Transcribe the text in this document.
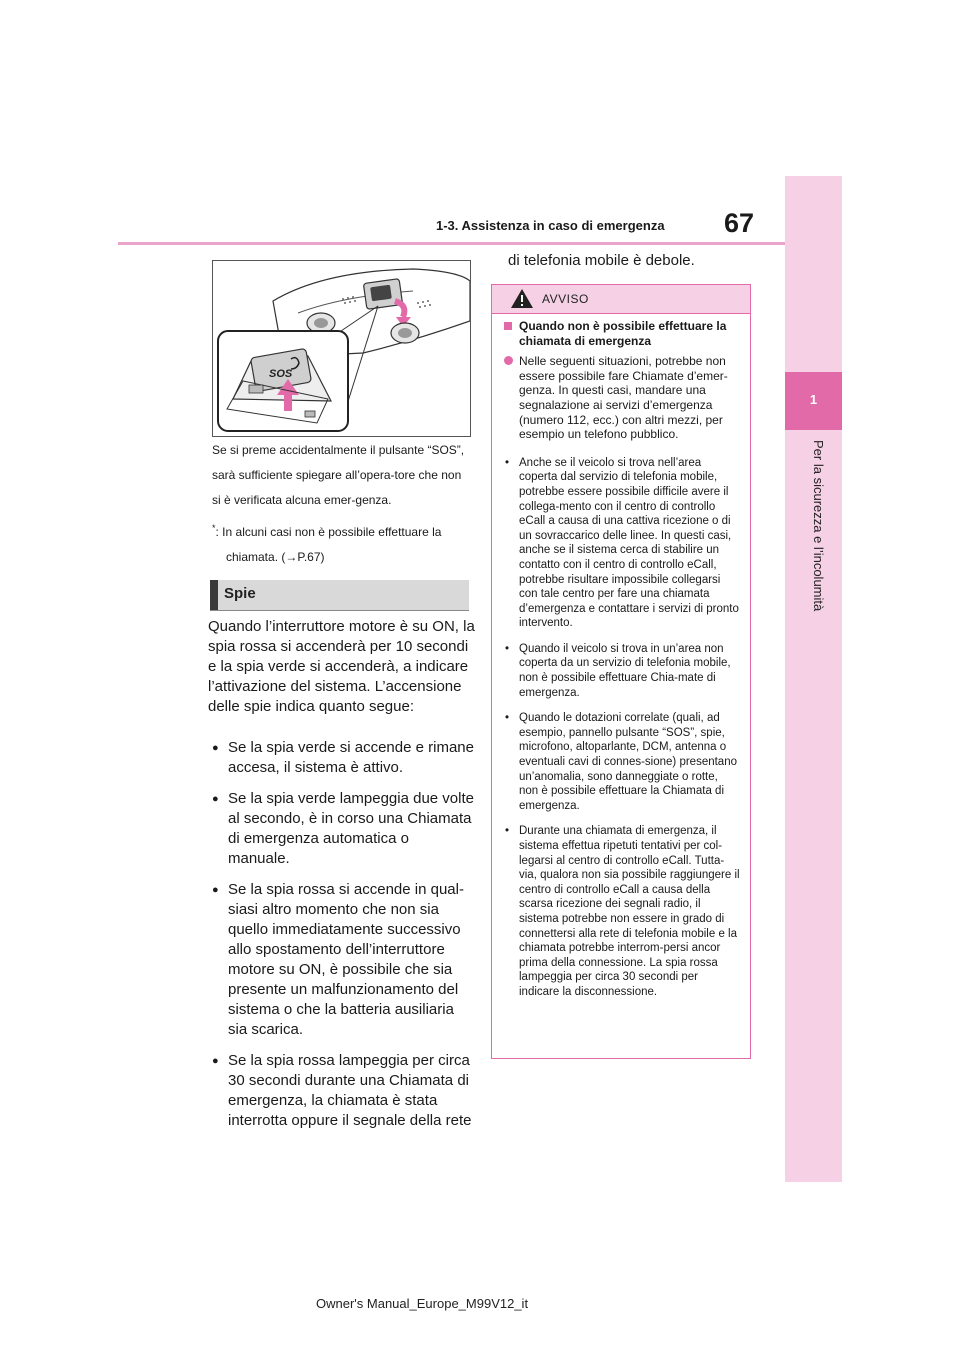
67
1-3. Assistenza in caso di emergenza
1
Per la sicurezza e l’incolumità
SOS
Se si preme accidentalmente il pulsante “SOS”, sarà sufficiente spiegare all’opera-tore che non si è verificata alcuna emer-genza.
*: In alcuni casi non è possibile effettuare la chiamata. (→P.67)
Spie
Quando l’interruttore motore è su ON, la spia rossa si accenderà per 10 secondi e la spia verde si accenderà, a indicare l’attivazione del sistema. L’accensione delle spie indica quanto segue:
● Se la spia verde si accende e rimane accesa, il sistema è attivo.
● Se la spia verde lampeggia due volte al secondo, è in corso una Chiamata di emergenza automatica o manuale.
● Se la spia rossa si accende in qual-siasi altro momento che non sia quello immediatamente successivo allo spostamento dell’interruttore motore su ON, è possibile che sia presente un malfunzionamento del sistema o che la batteria ausiliaria sia scarica.
● Se la spia rossa lampeggia per circa 30 secondi durante una Chiamata di emergenza, la chiamata è stata interrotta oppure il segnale della rete
di telefonia mobile è debole.
AVVISO
Quando non è possibile effettuare la chiamata di emergenza
Nelle seguenti situazioni, potrebbe non essere possibile fare Chiamate d’emer-genza. In questi casi, mandare una segnalazione ai servizi d’emergenza (numero 112, ecc.) con altri mezzi, per esempio un telefono pubblico.
• Anche se il veicolo si trova nell’area coperta dal servizio di telefonia mobile, potrebbe essere possibile difficile avere il collega-mento con il centro di controllo eCall a causa di una cattiva ricezione o di un sovraccarico delle linee. In questi casi, anche se il sistema cerca di stabilire un contatto con il centro di controllo eCall, potrebbe risultare impossibile collegarsi con tale centro per fare una chiamata d’emergenza e contattare i servizi di pronto intervento.
• Quando il veicolo si trova in un’area non coperta da un servizio di telefonia mobile, non è possibile effettuare Chia-mate di emergenza.
• Quando le dotazioni correlate (quali, ad esempio, pannello pulsante “SOS”, spie, microfono, altoparlante, DCM, antenna o eventuali cavi di connes-sione) presentano un’anomalia, sono danneggiate o rotte, non è possibile effettuare la Chiamata di emergenza.
• Durante una chiamata di emergenza, il sistema effettua ripetuti tentativi per col-legarsi al centro di controllo eCall. Tutta-via, qualora non sia possibile raggiungere il centro di controllo eCall a causa della scarsa ricezione dei segnali radio, il sistema potrebbe non essere in grado di connettersi alla rete di telefonia mobile e la chiamata potrebbe interrom-persi ancor prima della connessione. La spia rossa lampeggia per circa 30 secondi per indicare la disconnessione.
Owner's Manual_Europe_M99V12_it
